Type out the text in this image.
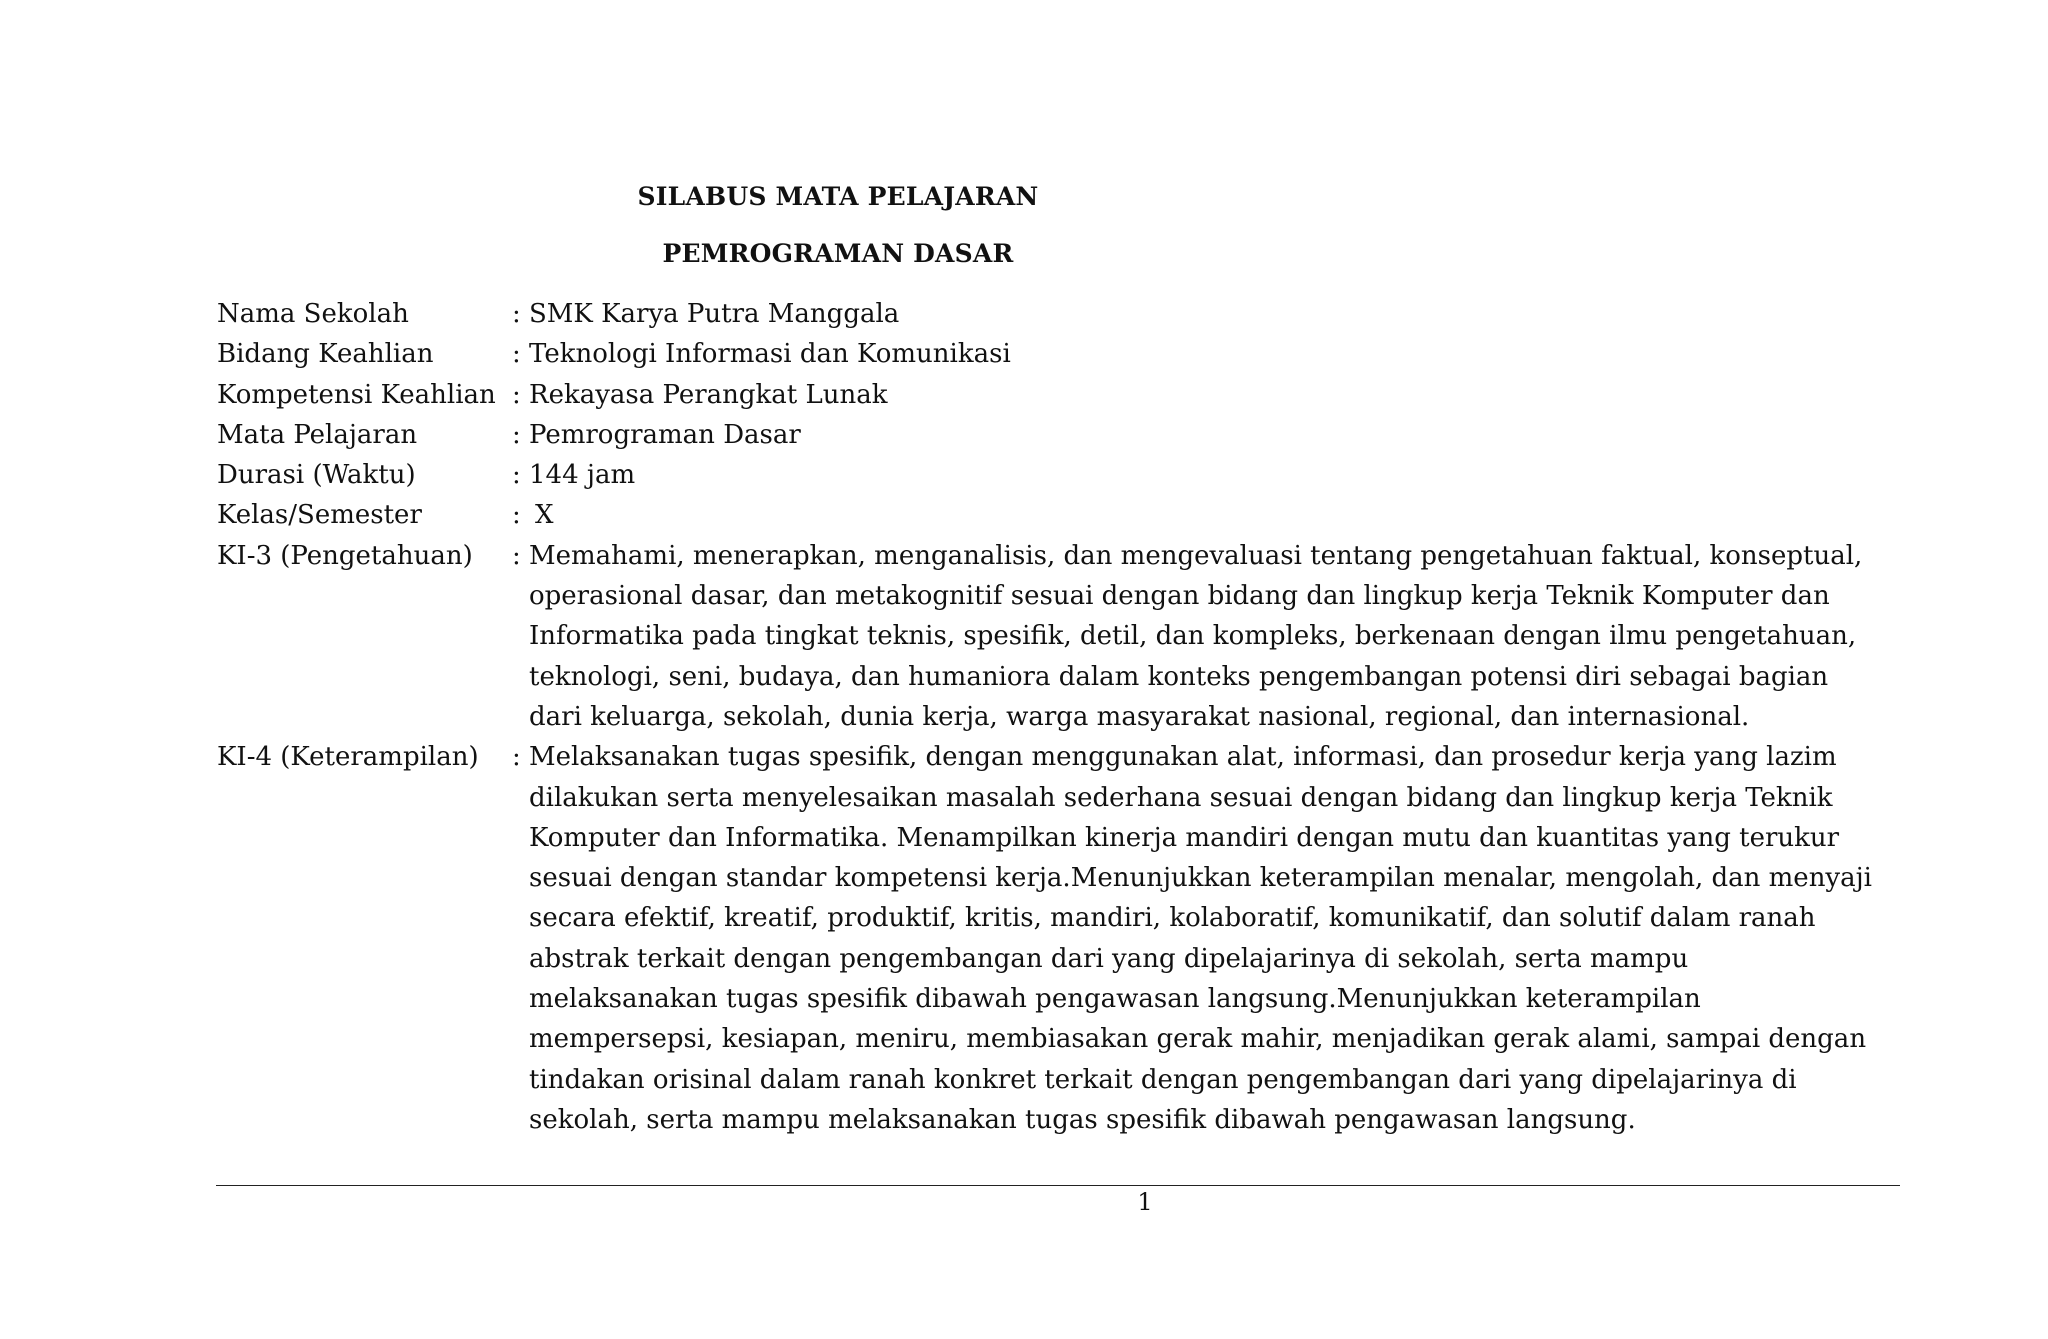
SILABUS MATA PELAJARAN
PEMROGRAMAN DASAR
Nama Sekolah	: SMK Karya Putra Manggala
Bidang Keahlian	: Teknologi Informasi dan Komunikasi
Kompetensi Keahlian : Rekayasa Perangkat Lunak
Mata Pelajaran	: Pemrograman Dasar
Durasi (Waktu)	: 144 jam
Kelas/Semester	: X
KI-3 (Pengetahuan)	: Memahami, menerapkan, menganalisis, dan mengevaluasi tentang pengetahuan faktual, konseptual, operasional dasar, dan metakognitif sesuai dengan bidang dan lingkup kerja Teknik Komputer dan Informatika pada tingkat teknis, spesifik, detil, dan kompleks, berkenaan dengan ilmu pengetahuan, teknologi, seni, budaya, dan humaniora dalam konteks pengembangan potensi diri sebagai bagian dari keluarga, sekolah, dunia kerja, warga masyarakat nasional, regional, dan internasional.
KI-4 (Keterampilan)	: Melaksanakan tugas spesifik, dengan menggunakan alat, informasi, dan prosedur kerja yang lazim dilakukan serta menyelesaikan masalah sederhana sesuai dengan bidang dan lingkup kerja Teknik Komputer dan Informatika. Menampilkan kinerja mandiri dengan mutu dan kuantitas yang terukur sesuai dengan standar kompetensi kerja.Menunjukkan keterampilan menalar, mengolah, dan menyaji secara efektif, kreatif, produktif, kritis, mandiri, kolaboratif, komunikatif, dan solutif dalam ranah abstrak terkait dengan pengembangan dari yang dipelajarinya di sekolah, serta mampu melaksanakan tugas spesifik dibawah pengawasan langsung.Menunjukkan keterampilan mempersepsi, kesiapan, meniru, membiasakan gerak mahir, menjadikan gerak alami, sampai dengan tindakan orisinal dalam ranah konkret terkait dengan pengembangan dari yang dipelajarinya di sekolah, serta mampu melaksanakan tugas spesifik dibawah pengawasan langsung.
1
